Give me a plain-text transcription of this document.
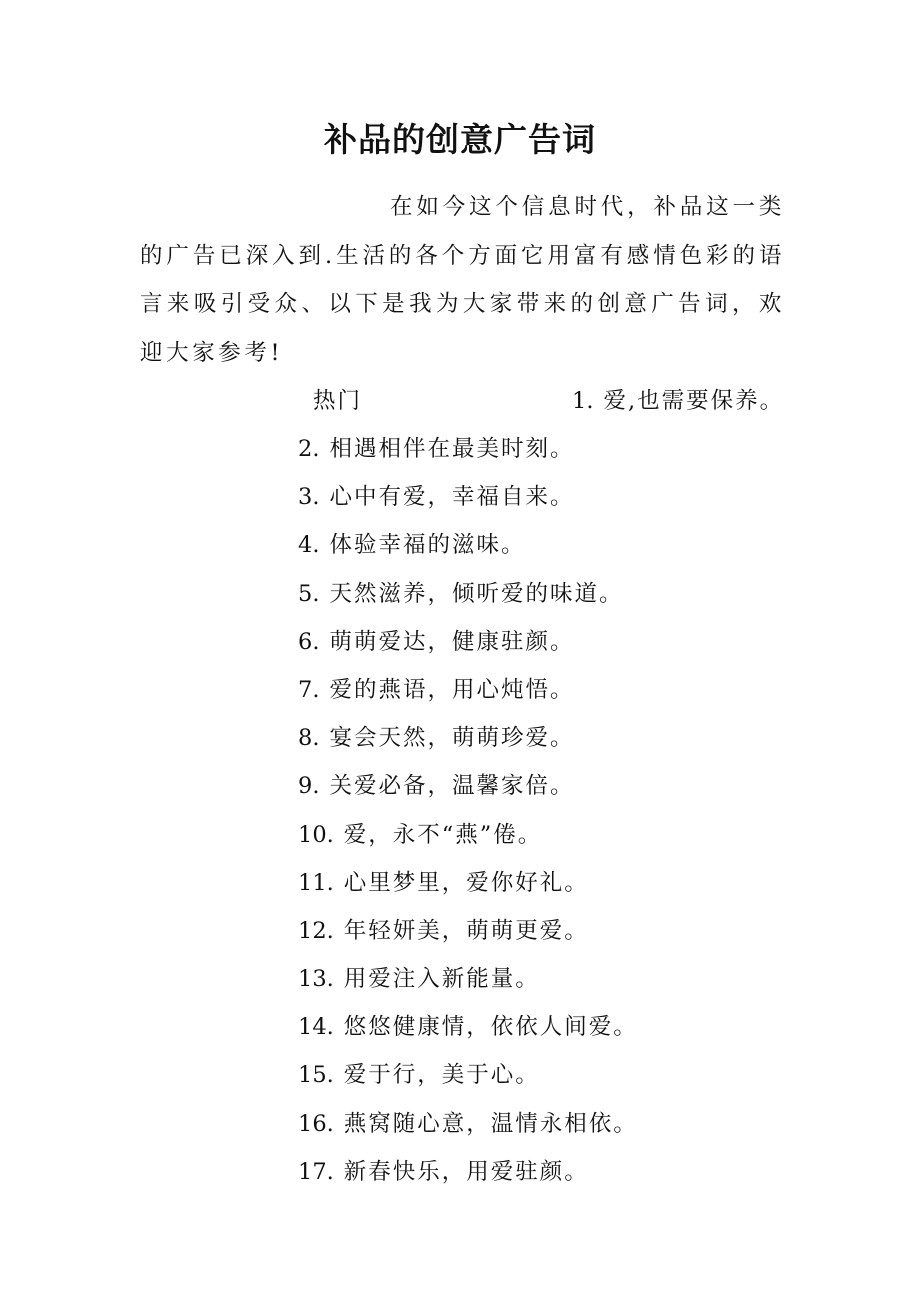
补品的创意广告词

在如今这个信息时代，补品这一类的广告已深入到.生活的各个方面它用富有感情色彩的语言来吸引受众、以下是我为大家带来的创意广告词，欢迎大家参考!

热门	1. 爱,也需要保养。
2. 相遇相伴在最美时刻。
3. 心中有爱，幸福自来。
4. 体验幸福的滋味。
5. 天然滋养，倾听爱的味道。
6. 萌萌爱达，健康驻颜。
7. 爱的燕语，用心炖悟。
8. 宴会天然，萌萌珍爱。
9. 关爱必备，温馨家倍。
10. 爱，永不“燕”倦。
11. 心里梦里，爱你好礼。
12. 年轻妍美，萌萌更爱。
13. 用爱注入新能量。
14. 悠悠健康情，依依人间爱。
15. 爱于行，美于心。
16. 燕窝随心意，温情永相依。
17. 新春快乐，用爱驻颜。
